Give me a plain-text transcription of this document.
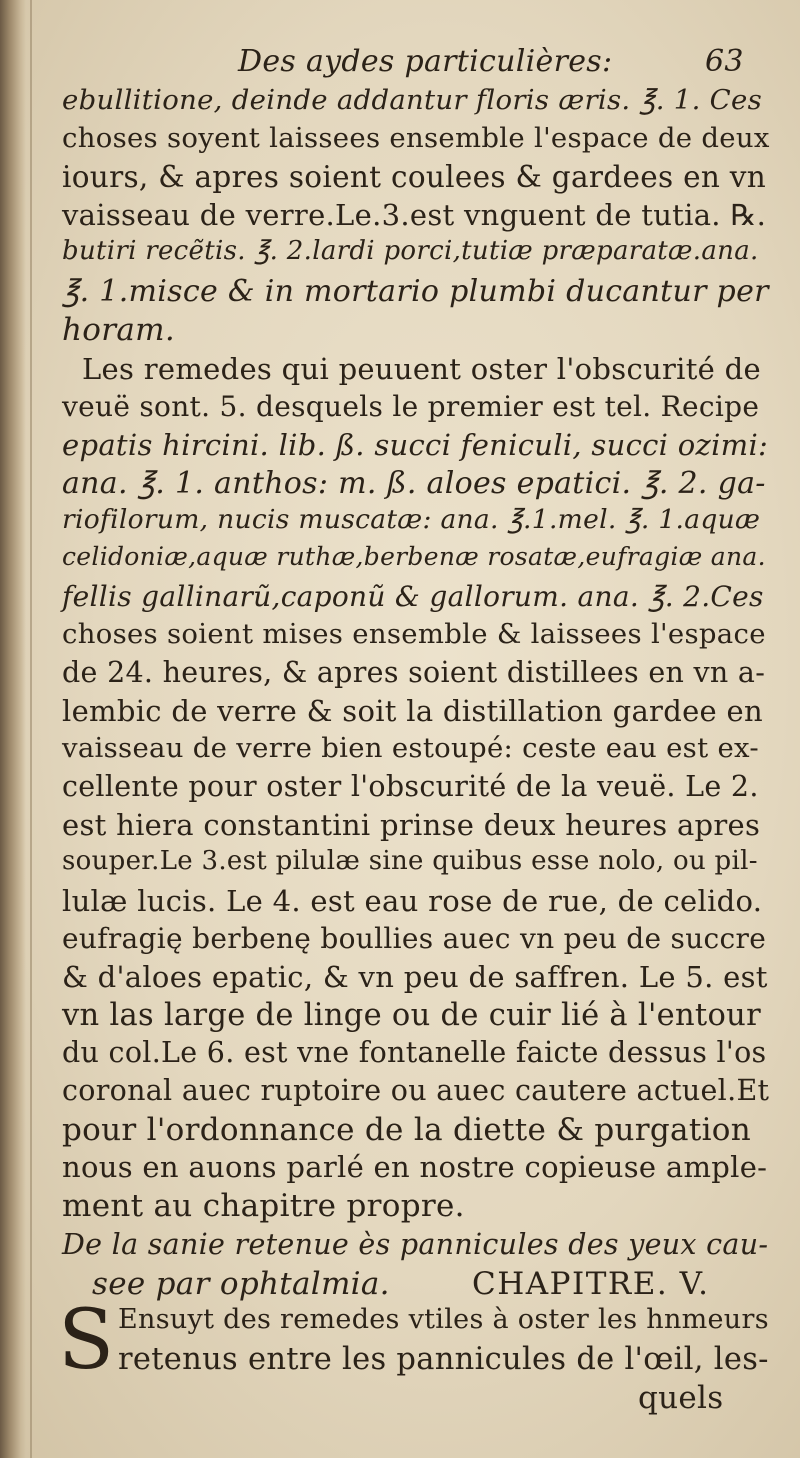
Des aydes particulières:	63
ebullitione, deinde addantur floris æris. ℥. 1. Ces
choses soyent laissees ensemble l'espace de deux
iours, & apres soient coulees & gardees en vn
vaisseau de verre.Le.3.est vnguent de tutia. ℞.
butiri recẽtis. ℥. 2.lardi porci,tutiæ præparatæ.ana.
℥. 1.misce & in mortario plumbi ducantur per
horam.
Les remedes qui peuuent oster l'obscurité de
veuë sont. 5. desquels le premier est tel. Recipe
epatis hircini. lib. ß. succi feniculi, succi ozimi:
ana. ℥. 1. anthos: m. ß. aloes epatici. ℥. 2. ga-
riofilorum, nucis muscatæ: ana. ℥.1.mel. ℥. 1.aquæ
celidoniæ,aquæ ruthæ,berbenæ rosatæ,eufragiæ ana.
fellis gallinarũ,caponũ & gallorum. ana. ℥. 2.Ces
choses soient mises ensemble & laissees l'espace
de 24. heures, & apres soient distillees en vn a-
lembic de verre & soit la distillation gardee en
vaisseau de verre bien estoupé: ceste eau est ex-
cellente pour oster l'obscurité de la veuë. Le 2.
est hiera constantini prinse deux heures apres
souper.Le 3.est pilulæ sine quibus esse nolo, ou pil-
lulæ lucis. Le 4. est eau rose de rue, de celido.
eufragię berbenę boullies auec vn peu de succre
& d'aloes epatic, & vn peu de saffren. Le 5. est
vn las large de linge ou de cuir lié à l'entour
du col.Le 6. est vne fontanelle faicte dessus l'os
coronal auec ruptoire ou auec cautere actuel.Et
pour l'ordonnance de la diette & purgation
nous en auons parlé en nostre copieuse ample-
ment au chapitre propre.
De la sanie retenue ès pannicules des yeux cau-
see par ophtalmia.	CHAPITRE. V.
S Ensuyt des remedes vtiles à oster les hnmeurs
retenus entre les pannicules de l'œil, les-
quels
